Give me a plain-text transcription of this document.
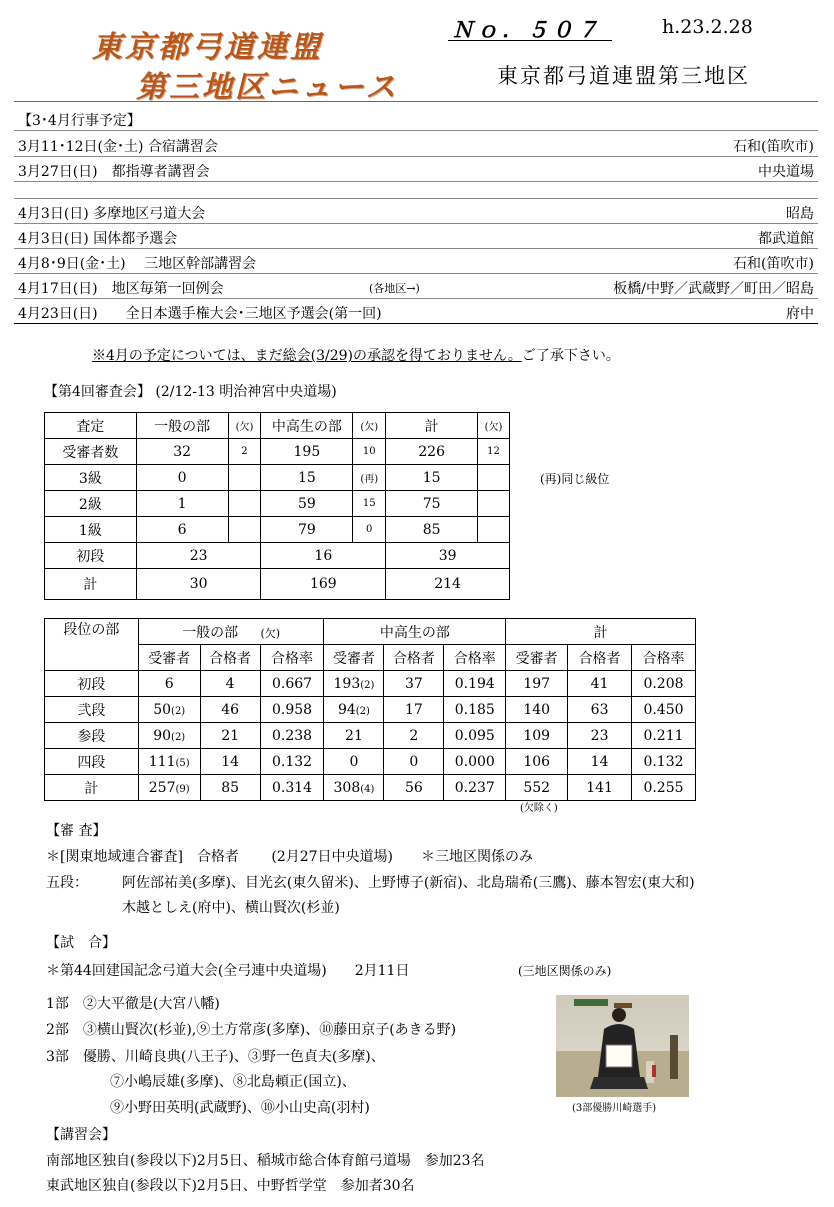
東京都弓道連盟
第三地区ニュース
Ｎｏ．５０７	h.23.2.28
東京都弓道連盟第三地区
【3･4月行事予定】
3月11･12日(金･土) 合宿講習会	石和(笛吹市)
3月27日(日)　都指導者講習会	中央道場
4月3日(日) 多摩地区弓道大会	昭島
4月3日(日) 国体都予選会	都武道館
4月8･9日(金･土)　 三地区幹部講習会	石和(笛吹市)
4月17日(日)　地区毎第一回例会	(各地区→)	板橋/中野／武蔵野／町田／昭島
4月23日(日)　　全日本選手権大会･三地区予選会(第一回)	府中
※4月の予定については、まだ総会(3/29)の承認を得ておりません。ご了承下さい。
【第4回審査会】 (2/12-13 明治神宮中央道場)
(再)同じ級位
査定	一般の部	(欠)	中高生の部	(欠)	計	(欠)
受審者数	32	2	195	10	226	12
3級	0		15	(再)	15	
2級	1		59	15	75	
1級	6		79	0	85	
初段	23		16		39	
計	30		169		214	
段位の部	一般の部 (欠)			中高生の部			計		
	受審者	合格者	合格率	受審者	合格者	合格率	受審者	合格者	合格率
初段	6	4	0.667	193(2)	37	0.194	197	41	0.208
弐段	50(2)	46	0.958	94(2)	17	0.185	140	63	0.450
参段	90(2)	21	0.238	21	2	0.095	109	23	0.211
四段	111(5)	14	0.132	0	0	0.000	106	14	0.132
計	257(9)	85	0.314	308(4)	56	0.237	552	141	0.255
(欠除く)
【審 査】
＊[関東地域連合審査]　合格者　　 (2月27日中央道場)　　＊三地区関係のみ
五段： 阿佐部祐美(多摩)、目光玄(東久留米)、上野博子(新宿)、北島瑞希(三鷹)、藤本智宏(東大和)
木越としえ(府中)、横山賢次(杉並)
【試　合】
＊第44回建国記念弓道大会(全弓連中央道場)　　2月11日	(三地区関係のみ)
1部　②大平徹是(大宮八幡)
2部　③横山賢次(杉並),⑨土方常彦(多摩)、⑩藤田京子(あきる野)
3部　優勝、川崎良典(八王子)、③野一色貞夫(多摩)、
⑦小嶋辰雄(多摩)、⑧北島頼正(国立)、
⑨小野田英明(武蔵野)、⑩小山史高(羽村)	(3部優勝川崎選手)
【講習会】
南部地区独自(参段以下)2月5日、稲城市総合体育館弓道場　参加23名
東武地区独自(参段以下)2月5日、中野哲学堂　参加者30名
